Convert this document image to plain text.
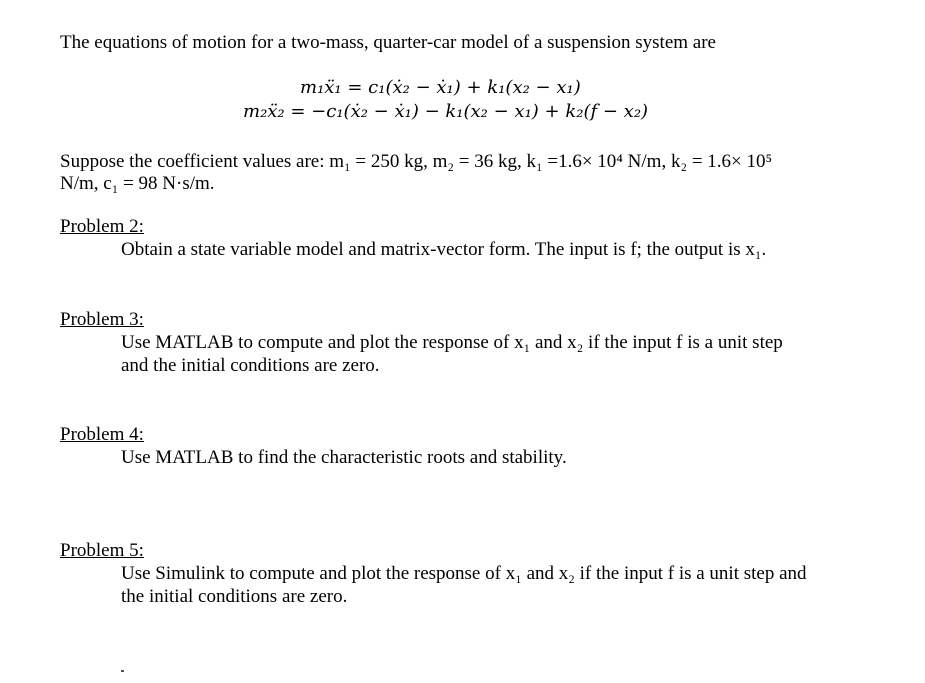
The equations of motion for a two-mass, quarter-car model of a suspension system are
m₁ẍ₁ = c₁(ẋ₂ − ẋ₁) + k₁(x₂ − x₁)
m₂ẍ₂ = −c₁(ẋ₂ − ẋ₁) − k₁(x₂ − x₁) + k₂(f − x₂)
Suppose the coefficient values are: m₁ = 250 kg, m₂ = 36 kg, k₁ =1.6× 10⁴ N/m, k₂ = 1.6× 10⁵
N/m, c₁ = 98 N·s/m.
Problem 2:
Obtain a state variable model and matrix-vector form. The input is f; the output is x₁.
Problem 3:
Use MATLAB to compute and plot the response of x₁ and x₂ if the input f is a unit step
and the initial conditions are zero.
Problem 4:
Use MATLAB to find the characteristic roots and stability.
Problem 5:
Use Simulink to compute and plot the response of x₁ and x₂ if the input f is a unit step and
the initial conditions are zero.
